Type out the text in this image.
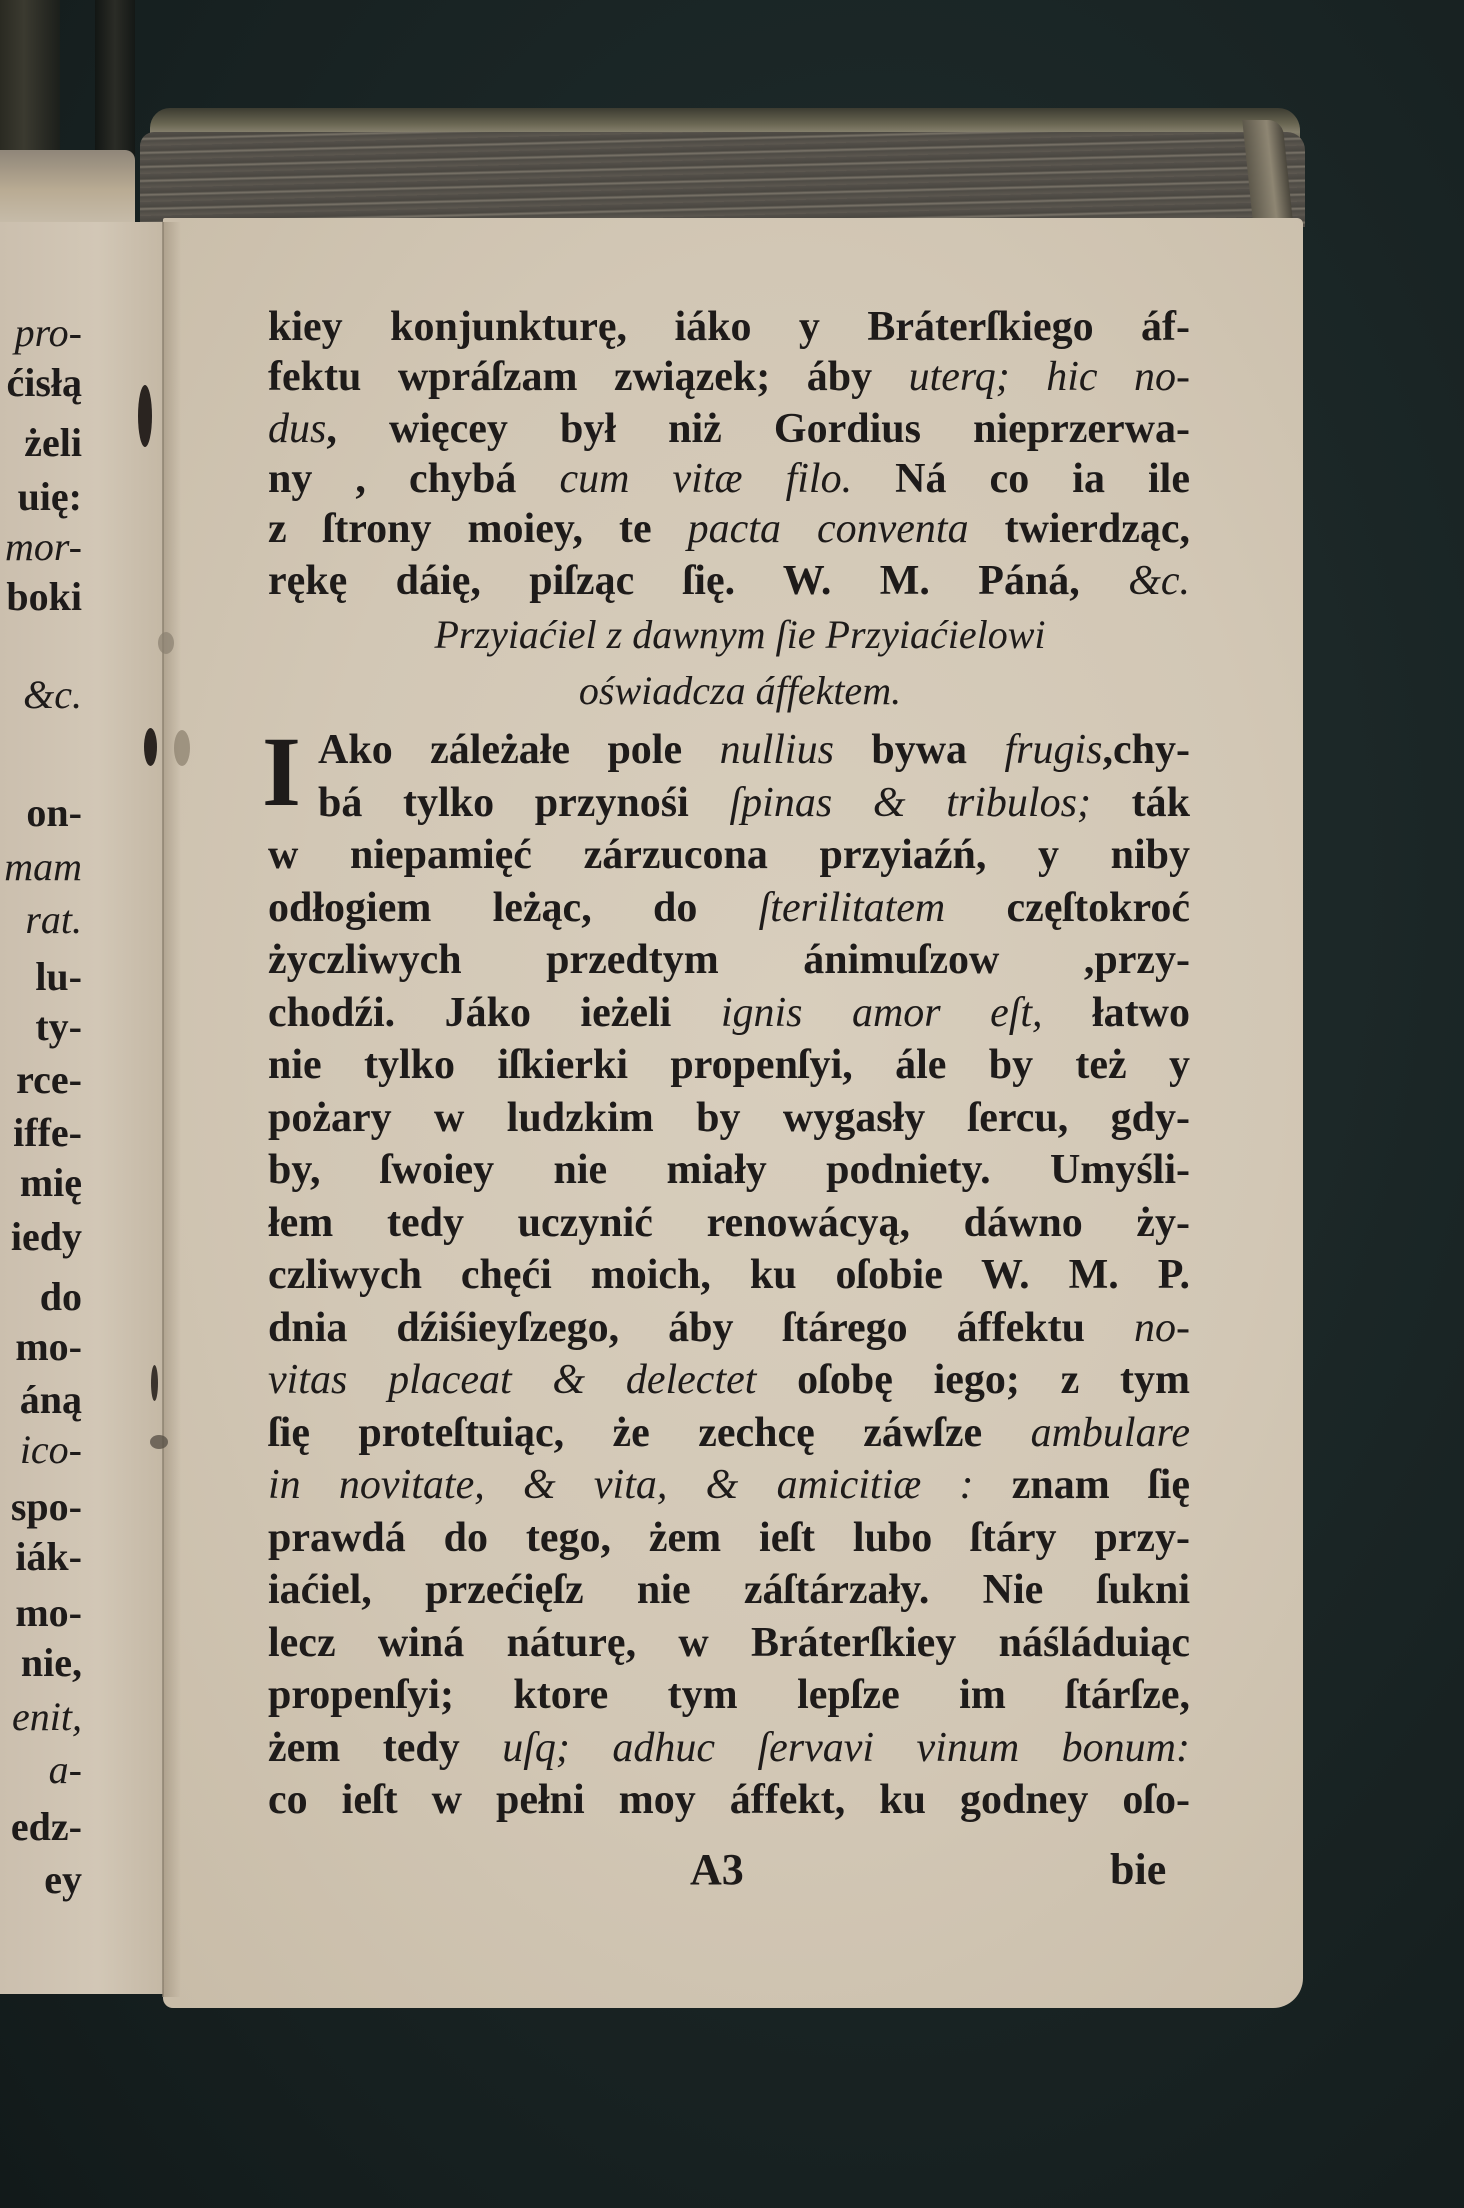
pro-
ćisłą
żeli
uię:
mor-
boki
&c.
on-
mam
rat.
lu-
ty-
rce-
iffe-
mię
iedy
do
mo-
áną
ico-
spo-
iák-
mo-
nie,
enit,
a-
edz-
ey
kiey konjunkturę, iáko y Bráterſkiego áf-
fektu wpráſzam związek; áby uterq; hic no-
dus, więcey był niż Gordius nieprzerwa-
ny , chybá cum vitæ filo. Ná co ia ile
z ſtrony moiey, te pacta conventa twierdząc,
rękę dáię, piſząc ſię. W. M. Páná, &c.
Ako záleżałe pole nullius bywa frugis,chy-
bá tylko przynośi ſpinas & tribulos; ták
w niepamięć zárzucona przyiaźń, y niby
odłogiem leżąc, do ſterilitatem częſtokroć
życzliwych przedtym ánimuſzow ,przy-
chodźi. Jáko ieżeli ignis amor eſt, łatwo
nie tylko iſkierki propenſyi, ále by też y
pożary w ludzkim by wygasły ſercu, gdy-
by, ſwoiey nie miały podniety. Umyśli-
łem tedy uczynić renowácyą, dáwno ży-
czliwych chęći moich, ku oſobie W. M. P.
dnia dźiśieyſzego, áby ſtárego áffektu no-
vitas placeat & delectet oſobę iego; z tym
ſię proteſtuiąc, że zechcę záwſze ambulare
in novitate, & vita, & amicitiæ : znam ſię
prawdá do tego, żem ieſt lubo ſtáry przy-
iaćiel, przećięſz nie záſtárzały. Nie ſukni
lecz winá náturę, w Bráterſkiey náśláduiąc
propenſyi; ktore tym lepſze im ſtárſze,
żem tedy uſq; adhuc ſervavi vinum bonum:
co ieſt w pełni moy áffekt, ku godney oſo-
Przyiaćiel z dawnym ſie Przyiaćielowi
oświadcza áffektem.
I
A3	bie
